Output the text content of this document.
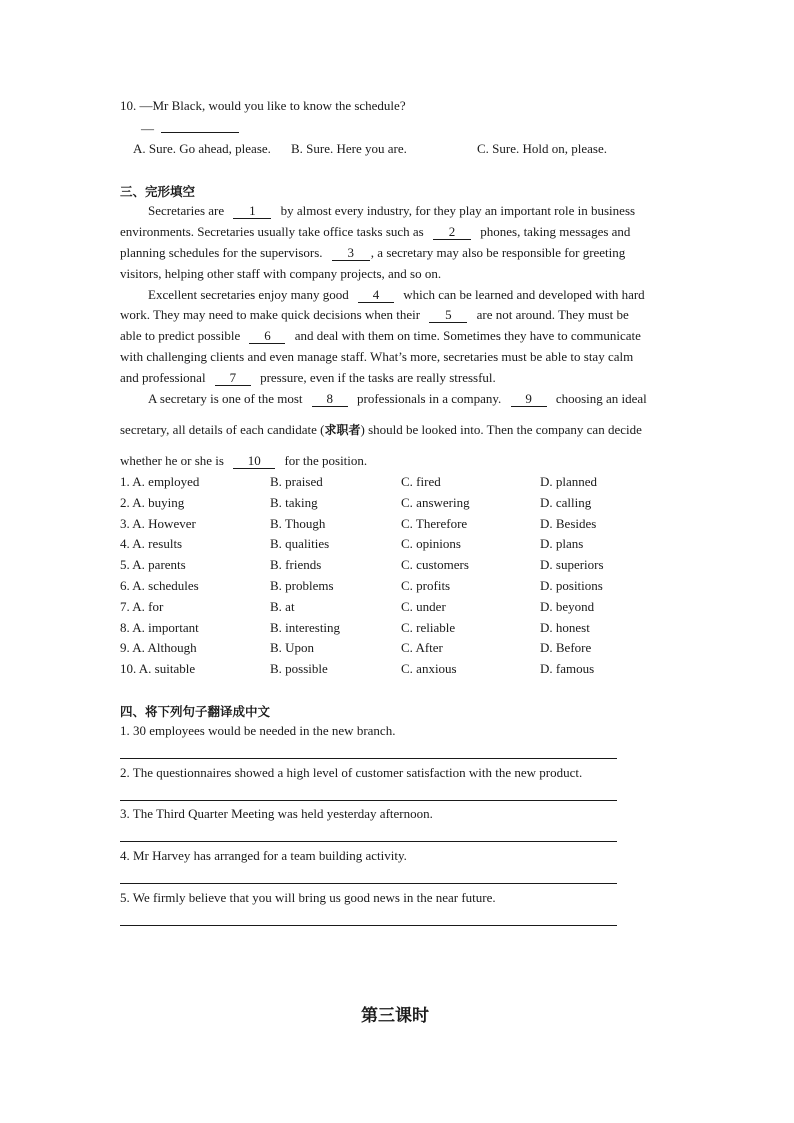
10. —Mr Black, would you like to know the schedule?
—
A. Sure. Go ahead, please. B. Sure. Here you are.	C. Sure. Hold on, please.
三、完形填空
Secretaries are 1 by almost every industry, for they play an important role in business
environments. Secretaries usually take office tasks such as 2 phones, taking messages and
planning schedules for the supervisors. 3 , a secretary may also be responsible for greeting
visitors, helping other staff with company projects, and so on.
Excellent secretaries enjoy many good 4 which can be learned and developed with hard
work. They may need to make quick decisions when their 5 are not around. They must be
able to predict possible 6 and deal with them on time. Sometimes they have to communicate
with challenging clients and even manage staff. What’s more, secretaries must be able to stay calm
and professional 7 pressure, even if the tasks are really stressful.
A secretary is one of the most 8 professionals in a company. 9 choosing an ideal
secretary, all details of each candidate (求职者) should be looked into. Then the company can decide
whether he or she is 10 for the position.
1. A. employed	B. praised	C. fired	D. planned
2. A. buying	B. taking	C. answering	D. calling
3. A. However	B. Though	C. Therefore	D. Besides
4. A. results	B. qualities	C. opinions	D. plans
5. A. parents	B. friends	C. customers	D. superiors
6. A. schedules	B. problems	C. profits	D. positions
7. A. for	B. at	C. under	D. beyond
8. A. important	B. interesting	C. reliable	D. honest
9. A. Although	B. Upon	C. After	D. Before
10. A. suitable	B. possible	C. anxious	D. famous
四、将下列句子翻译成中文
1. 30 employees would be needed in the new branch.
2. The questionnaires showed a high level of customer satisfaction with the new product.
3. The Third Quarter Meeting was held yesterday afternoon.
4. Mr Harvey has arranged for a team building activity.
5. We firmly believe that you will bring us good news in the near future.
第三课时
